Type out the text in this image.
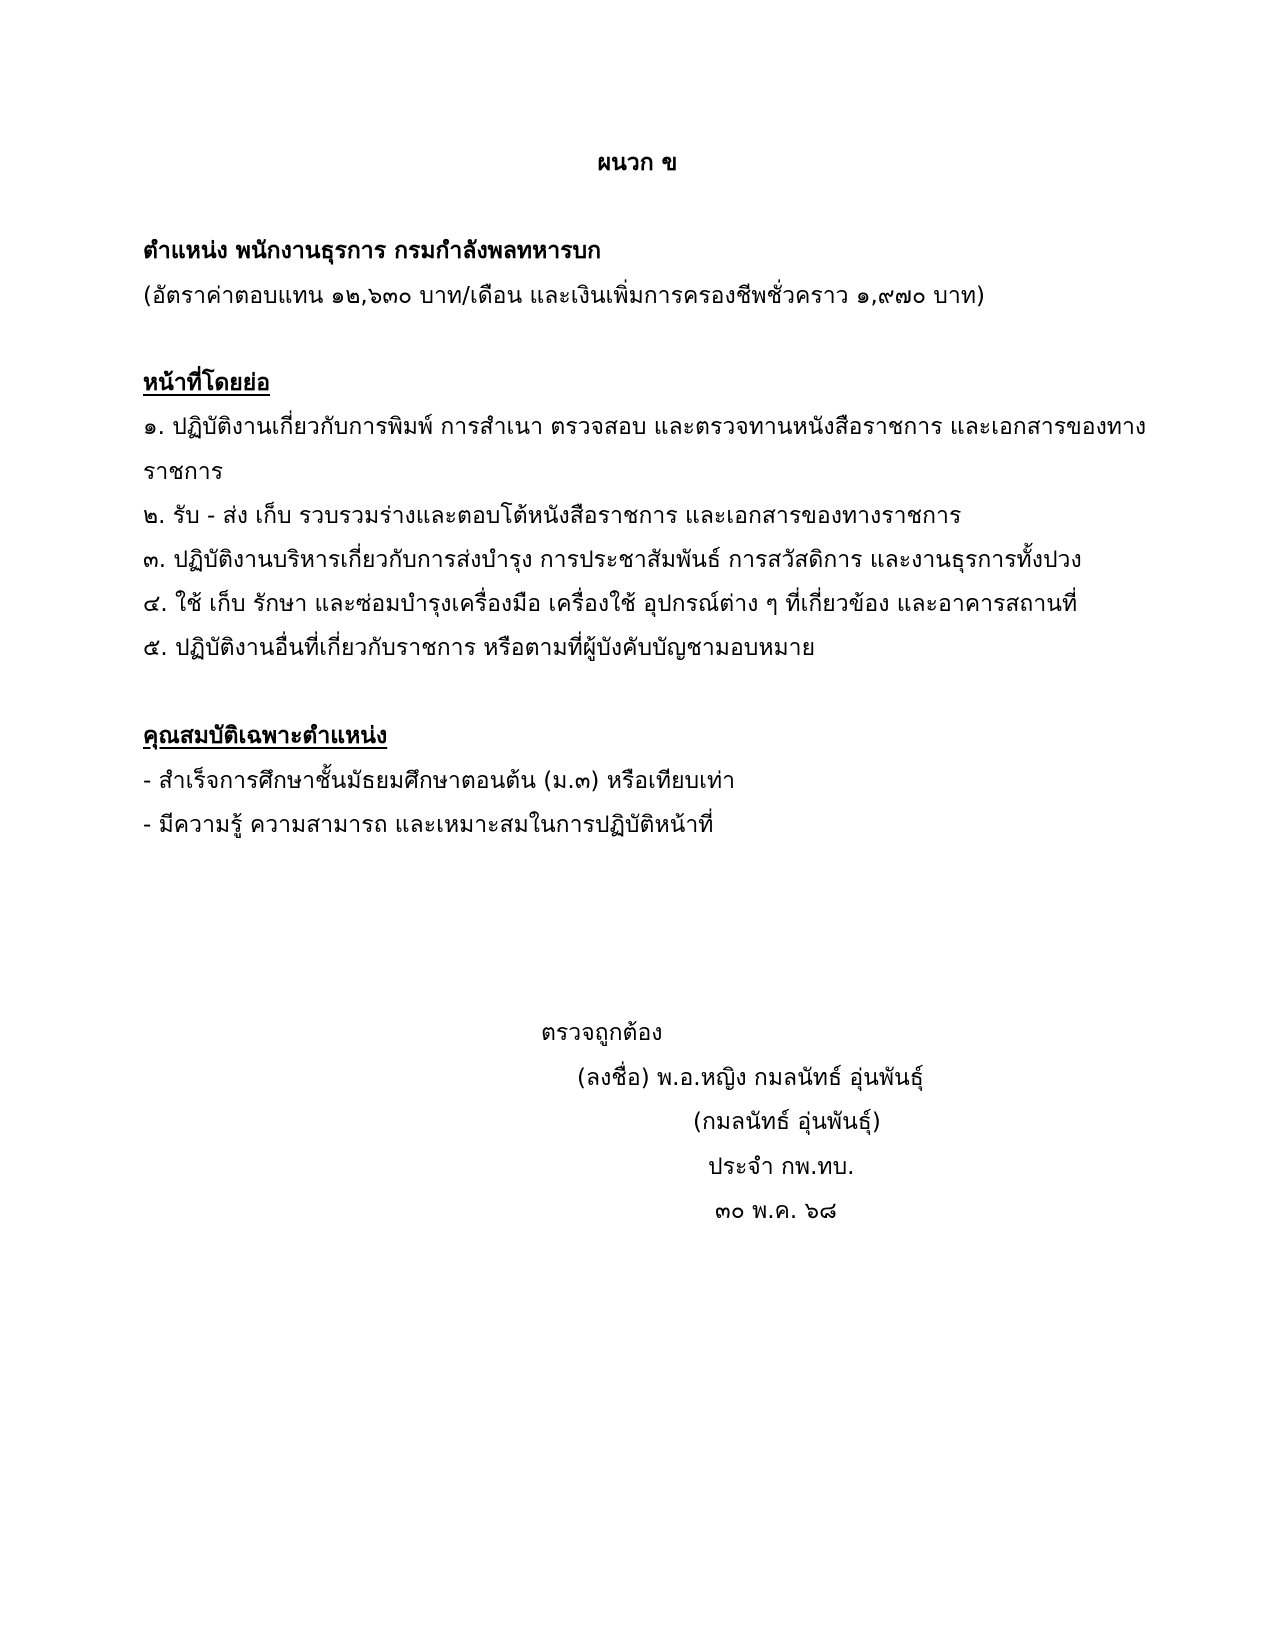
ผนวก ข
ตำแหน่ง พนักงานธุรการ กรมกำลังพลทหารบก
(อัตราค่าตอบแทน ๑๒,๖๓๐ บาท/เดือน และเงินเพิ่มการครองชีพชั่วคราว ๑,๙๗๐ บาท)
หน้าที่โดยย่อ
๑. ปฏิบัติงานเกี่ยวกับการพิมพ์ การสำเนา ตรวจสอบ และตรวจทานหนังสือราชการ และเอกสารของทาง
ราชการ
๒. รับ - ส่ง เก็บ รวบรวมร่างและตอบโต้หนังสือราชการ และเอกสารของทางราชการ
๓. ปฏิบัติงานบริหารเกี่ยวกับการส่งบำรุง การประชาสัมพันธ์ การสวัสดิการ และงานธุรการทั้งปวง
๔. ใช้ เก็บ รักษา และซ่อมบำรุงเครื่องมือ เครื่องใช้ อุปกรณ์ต่าง ๆ ที่เกี่ยวข้อง และอาคารสถานที่
๕. ปฏิบัติงานอื่นที่เกี่ยวกับราชการ หรือตามที่ผู้บังคับบัญชามอบหมาย
คุณสมบัติเฉพาะตำแหน่ง
- สำเร็จการศึกษาชั้นมัธยมศึกษาตอนต้น (ม.๓) หรือเทียบเท่า
- มีความรู้ ความสามารถ และเหมาะสมในการปฏิบัติหน้าที่
ตรวจถูกต้อง
(ลงชื่อ) พ.อ.หญิง กมลนัทธ์ อุ่นพันธุ์
(กมลนัทธ์ อุ่นพันธุ์)
ประจำ กพ.ทบ.
๓๐ พ.ค. ๖๘
